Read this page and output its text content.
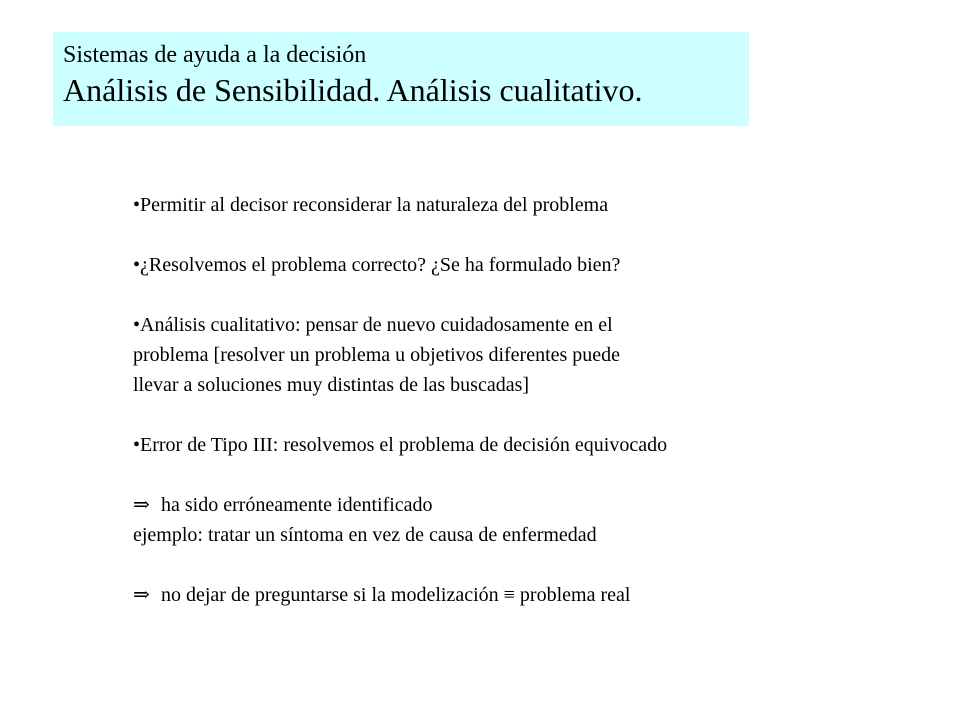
Sistemas de ayuda a la decisión
Análisis de Sensibilidad. Análisis cualitativo.
•Permitir al decisor reconsiderar la naturaleza del problema
•¿Resolvemos el problema correcto? ¿Se ha formulado bien?
•Análisis cualitativo: pensar de nuevo cuidadosamente en el
problema [resolver un problema u objetivos diferentes puede
llevar a soluciones muy distintas de las buscadas]
•Error de Tipo III: resolvemos el problema de decisión equivocado
⇒ ha sido erróneamente identificado
ejemplo: tratar un síntoma en vez de causa de enfermedad
⇒ no dejar de preguntarse si la modelización ≡ problema real
